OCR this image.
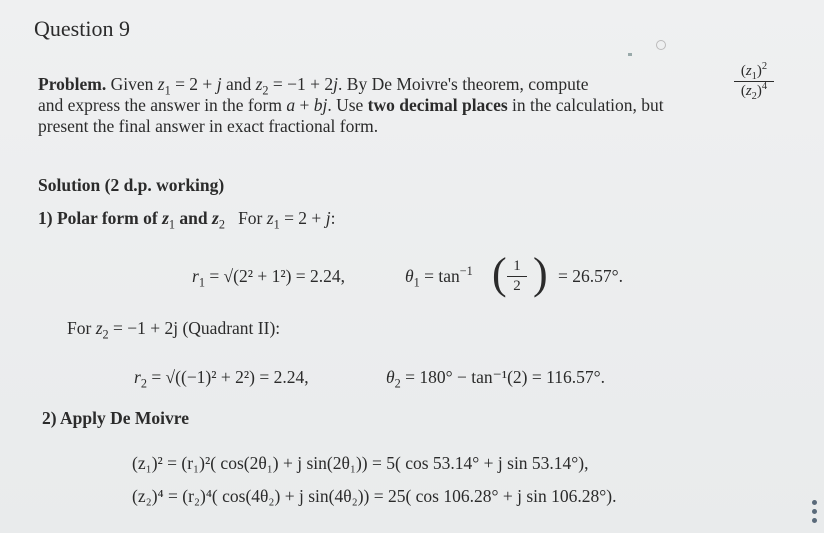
Question 9
Problem. Given $z_1 = 2 + j$ and $z_2 = -1 + 2j$. By De Moivre's theorem, compute
$(z_1)^2$
$(z_2)^4$
and express the answer in the form a + bj. Use two decimal places in the calculation, but
present the final answer in exact fractional form.
Solution (2 d.p. working)
1) Polar form of $z_1$ and $z_2$ For $z_1 = 2 + j$:
$r_1 = √(2^2 + 1^2) = 2.24$,	$\theta_1 = \tan^{-1}$ ( 1
2 ) = 26.57°.
For $z_2 = -1 + 2j$ (Quadrant II):
$r_2 = √((-1)^2 + 2^2) = 2.24$,	$\theta_2 = 180^\circ - \tan^{-1}(2) = 116.57^\circ$.
2) Apply De Moivre
(z₁)² = (r₁)²( cos(2θ₁) + j sin(2θ₁)) = 5( cos 53.14° + j sin 53.14°),
(z₂)⁴ = (r₂)⁴( cos(4θ₂) + j sin(4θ₂)) = 25( cos 106.28° + j sin 106.28°).
